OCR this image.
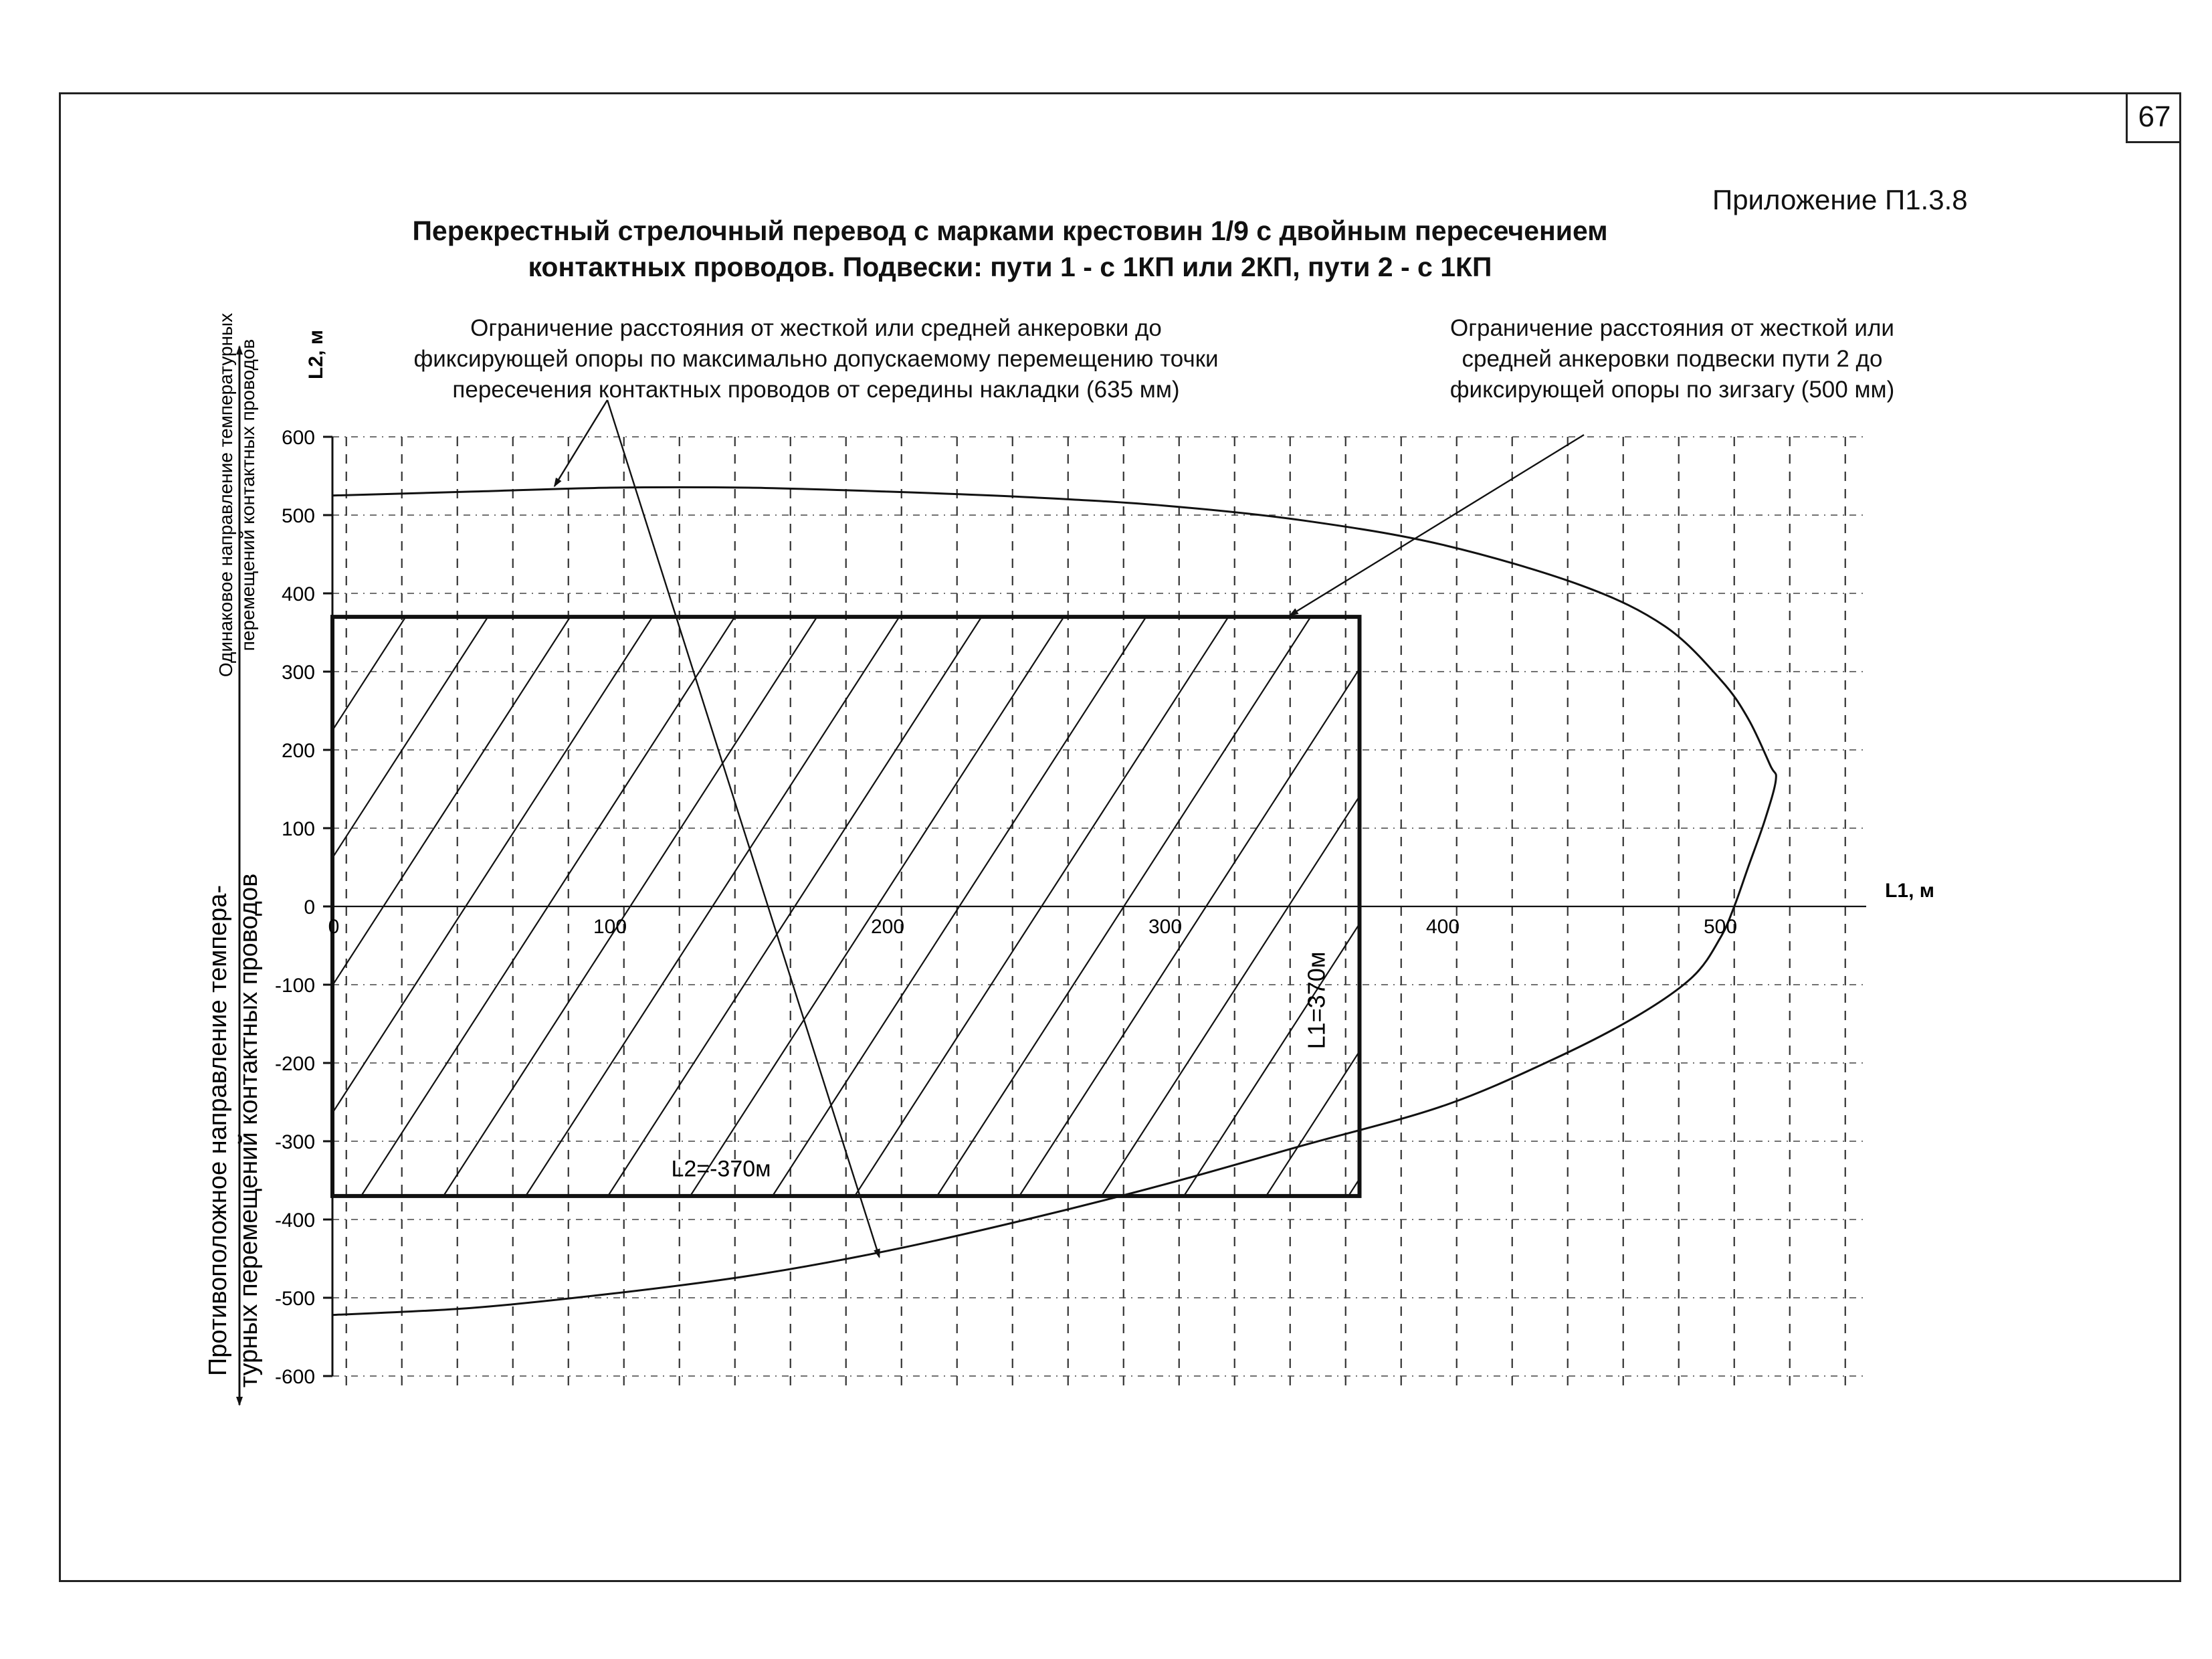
67
Приложение П1.3.8
Перекрестный стрелочный перевод с марками крестовин 1/9 с двойным пересечением
контактных проводов. Подвески: пути 1 - с 1КП или 2КП, пути 2 - с 1КП
Ограничение расстояния от жесткой или средней анкеровки до
фиксирующей опоры по максимально допускаемому перемещению точки
пересечения контактных проводов от середины накладки (635 мм)
Ограничение расстояния от жесткой или
средней анкеровки подвески пути 2 до
фиксирующей опоры по зигзагу (500 мм)
600
500
400
300
200
100
0
-100
-200
-300
-400
-500
-600
0	100	200	300	400	500
L1, м
L2, м
L1=370м
L2=-370м
Одинаковое направление температурных перемещений контактных проводов
Противоположное направление темпера- турных перемещений контактных проводов
